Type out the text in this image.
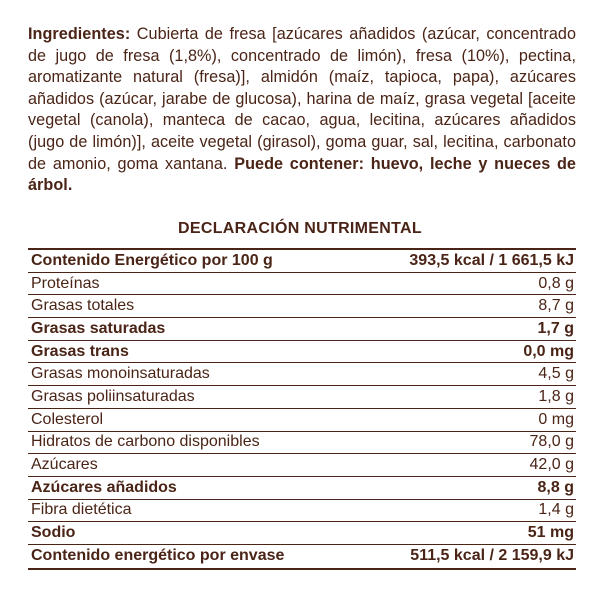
Ingredientes: Cubierta de fresa [azúcares añadidos (azúcar, concentrado de jugo de fresa (1,8%), concentrado de limón), fresa (10%), pectina, aromatizante natural (fresa)], almidón (maíz, tapioca, papa), azúcares añadidos (azúcar, jarabe de glucosa), harina de maíz, grasa vegetal [aceite vegetal (canola), manteca de cacao, agua, lecitina, azúcares añadidos (jugo de limón)], aceite vegetal (girasol), goma guar, sal, lecitina, carbonato de amonio, goma xantana. Puede contener: huevo, leche y nueces de árbol.
DECLARACIÓN NUTRIMENTAL
Contenido Energético por 100 g	393,5 kcal / 1 661,5 kJ
Proteínas	0,8 g
Grasas totales	8,7 g
Grasas saturadas	1,7 g
Grasas trans	0,0 mg
Grasas monoinsaturadas	4,5 g
Grasas poliinsaturadas	1,8 g
Colesterol	0 mg
Hidratos de carbono disponibles	78,0 g
Azúcares	42,0 g
Azúcares añadidos	8,8 g
Fibra dietética	1,4 g
Sodio	51 mg
Contenido energético por envase	511,5 kcal / 2 159,9 kJ
